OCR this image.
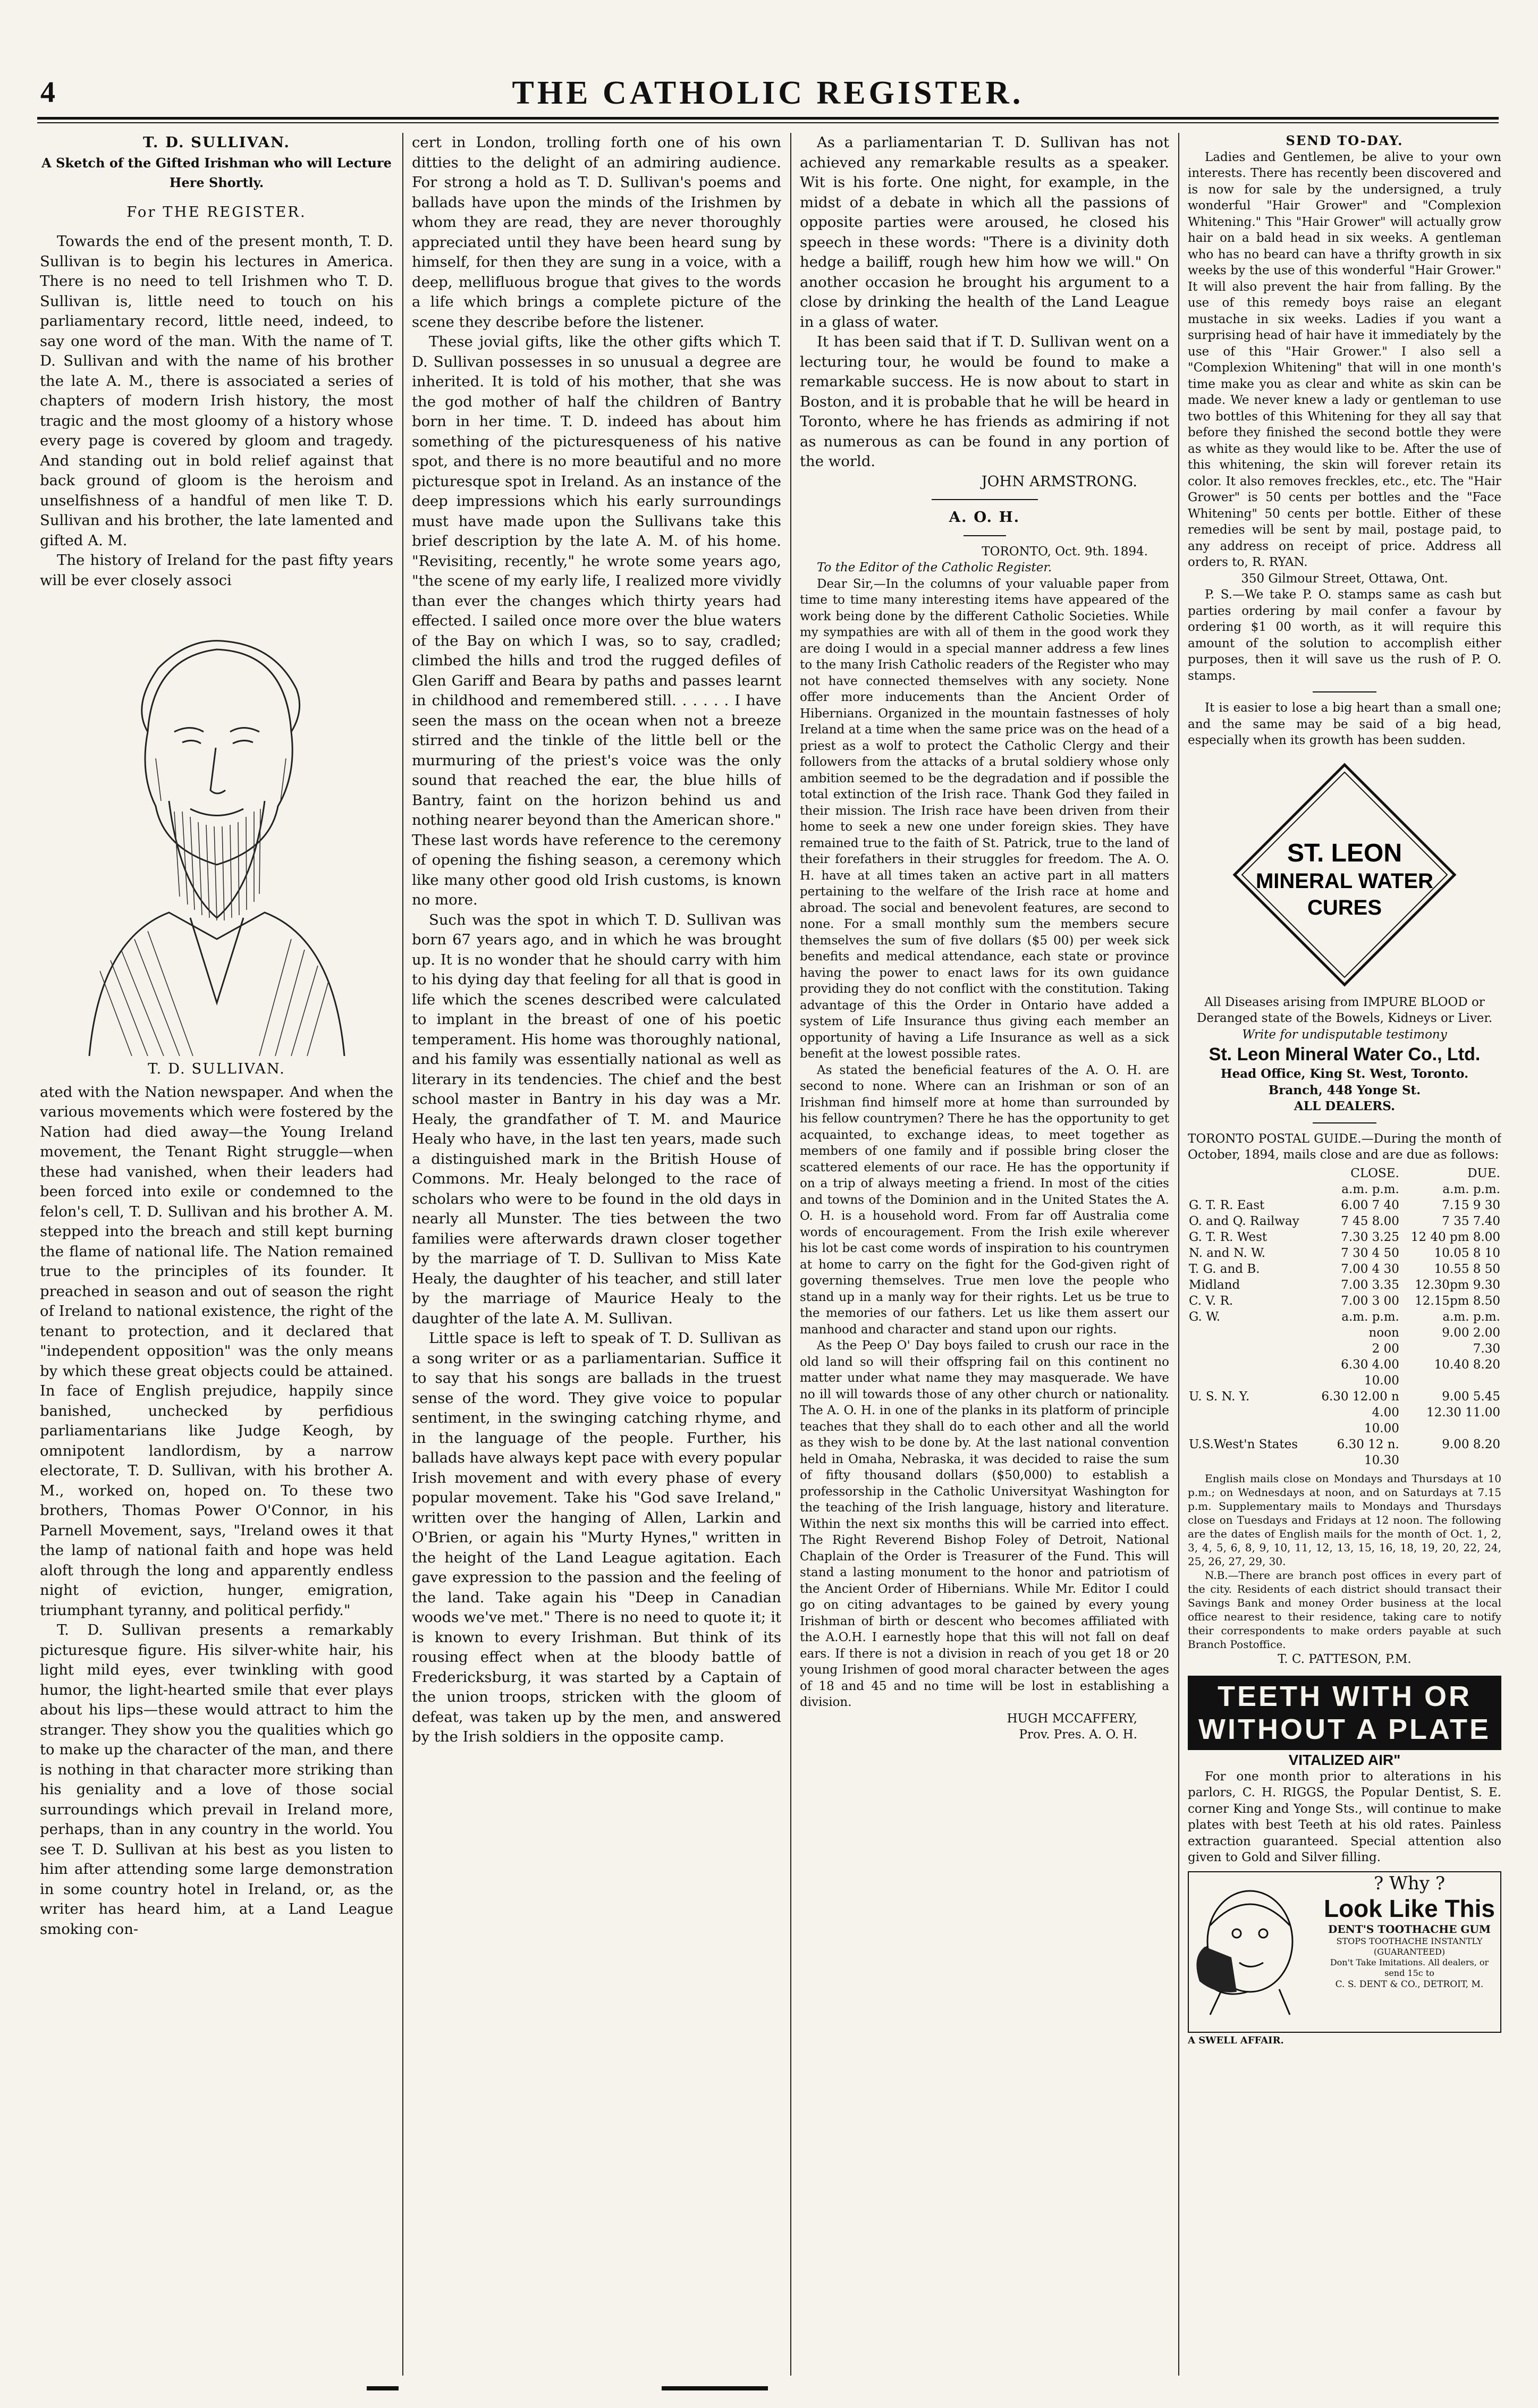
4	THE CATHOLIC REGISTER.

T. D. SULLIVAN.

A Sketch of the Gifted Irishman who will Lecture Here Shortly.

For THE REGISTER.

Towards the end of the present month, T. D. Sullivan is to begin his lectures in America. There is no need to tell Irishmen who T. D. Sullivan is, little need to touch on his parliamentary record, little need, indeed, to say one word of the man. With the name of T. D. Sullivan and with the name of his brother the late A. M., there is associated a series of chapters of modern Irish history, the most tragic and the most gloomy of a history whose every page is covered by gloom and tragedy. And standing out in bold relief against that back ground of gloom is the heroism and unselfishness of a handful of men like T. D. Sullivan and his brother, the late lamented and gifted A. M.

The history of Ireland for the past fifty years will be ever closely associ

T. D. SULLIVAN.

ated with the Nation newspaper. And when the various movements which were fostered by the Nation had died away—the Young Ireland movement, the Tenant Right struggle—when these had vanished, when their leaders had been forced into exile or condemned to the felon's cell, T. D. Sullivan and his brother A. M. stepped into the breach and still kept burning the flame of national life. The Nation remained true to the principles of its founder. It preached in season and out of season the right of Ireland to national existence, the right of the tenant to protection, and it declared that "independent opposition" was the only means by which these great objects could be attained. In face of English prejudice, happily since banished, unchecked by perfidious parliamentarians like Judge Keogh, by omnipotent landlordism, by a narrow electorate, T. D. Sullivan, with his brother A. M., worked on, hoped on. To these two brothers, Thomas Power O'Connor, in his Parnell Movement, says, "Ireland owes it that the lamp of national faith and hope was held aloft through the long and apparently endless night of eviction, hunger, emigration, triumphant tyranny, and political perfidy."

T. D. Sullivan presents a remarkably picturesque figure. His silver-white hair, his light mild eyes, ever twinkling with good humor, the light-hearted smile that ever plays about his lips—these would attract to him the stranger. They show you the qualities which go to make up the character of the man, and there is nothing in that character more striking than his geniality and a love of those social surroundings which prevail in Ireland more, perhaps, than in any country in the world. You see T. D. Sullivan at his best as you listen to him after attending some large demonstration in some country hotel in Ireland, or, as the writer has heard him, at a Land League smoking con-

cert in London, trolling forth one of his own ditties to the delight of an admiring audience. For strong a hold as T. D. Sullivan's poems and ballads have upon the minds of the Irishmen by whom they are read, they are never thoroughly appreciated until they have been heard sung by himself, for then they are sung in a voice, with a deep, mellifluous brogue that gives to the words a life which brings a complete picture of the scene they describe before the listener.

These jovial gifts, like the other gifts which T. D. Sullivan possesses in so unusual a degree are inherited. It is told of his mother, that she was the god mother of half the children of Bantry born in her time. T. D. indeed has about him something of the picturesqueness of his native spot, and there is no more beautiful and no more picturesque spot in Ireland. As an instance of the deep impressions which his early surroundings must have made upon the Sullivans take this brief description by the late A. M. of his home. "Revisiting, recently," he wrote some years ago, "the scene of my early life, I realized more vividly than ever the changes which thirty years had effected. I sailed once more over the blue waters of the Bay on which I was, so to say, cradled; climbed the hills and trod the rugged defiles of Glen Gariff and Beara by paths and passes learnt in childhood and remembered still. . . . . . I have seen the mass on the ocean when not a breeze stirred and the tinkle of the little bell or the murmuring of the priest's voice was the only sound that reached the ear, the blue hills of Bantry, faint on the horizon behind us and nothing nearer beyond than the American shore." These last words have reference to the ceremony of opening the fishing season, a ceremony which like many other good old Irish customs, is known no more.

Such was the spot in which T. D. Sullivan was born 67 years ago, and in which he was brought up. It is no wonder that he should carry with him to his dying day that feeling for all that is good in life which the scenes described were calculated to implant in the breast of one of his poetic temperament. His home was thoroughly national, and his family was essentially national as well as literary in its tendencies. The chief and the best school master in Bantry in his day was a Mr. Healy, the grandfather of T. M. and Maurice Healy who have, in the last ten years, made such a distinguished mark in the British House of Commons. Mr. Healy belonged to the race of scholars who were to be found in the old days in nearly all Munster. The ties between the two families were afterwards drawn closer together by the marriage of T. D. Sullivan to Miss Kate Healy, the daughter of his teacher, and still later by the marriage of Maurice Healy to the daughter of the late A. M. Sullivan.

Little space is left to speak of T. D. Sullivan as a song writer or as a parliamentarian. Suffice it to say that his songs are ballads in the truest sense of the word. They give voice to popular sentiment, in the swinging catching rhyme, and in the language of the people. Further, his ballads have always kept pace with every popular Irish movement and with every phase of every popular movement. Take his "God save Ireland," written over the hanging of Allen, Larkin and O'Brien, or again his "Murty Hynes," written in the height of the Land League agitation. Each gave expression to the passion and the feeling of the land. Take again his "Deep in Canadian woods we've met." There is no need to quote it; it is known to every Irishman. But think of its rousing effect when at the bloody battle of Fredericksburg, it was started by a Captain of the union troops, stricken with the gloom of defeat, was taken up by the men, and answered by the Irish soldiers in the opposite camp.

As a parliamentarian T. D. Sullivan has not achieved any remarkable results as a speaker. Wit is his forte. One night, for example, in the midst of a debate in which all the passions of opposite parties were aroused, he closed his speech in these words: "There is a divinity doth hedge a bailiff, rough hew him how we will." On another occasion he brought his argument to a close by drinking the health of the Land League in a glass of water.

It has been said that if T. D. Sullivan went on a lecturing tour, he would be found to make a remarkable success. He is now about to start in Boston, and it is probable that he will be heard in Toronto, where he has friends as admiring if not as numerous as can be found in any portion of the world.

JOHN ARMSTRONG.

A. O. H.

TORONTO, Oct. 9th. 1894.

To the Editor of the Catholic Register.

Dear Sir,—In the columns of your valuable paper from time to time many interesting items have appeared of the work being done by the different Catholic Societies. While my sympathies are with all of them in the good work they are doing I would in a special manner address a few lines to the many Irish Catholic readers of the Register who may not have connected themselves with any society. None offer more inducements than the Ancient Order of Hibernians. Organized in the mountain fastnesses of holy Ireland at a time when the same price was on the head of a priest as a wolf to protect the Catholic Clergy and their followers from the attacks of a brutal soldiery whose only ambition seemed to be the degradation and if possible the total extinction of the Irish race. Thank God they failed in their mission. The Irish race have been driven from their home to seek a new one under foreign skies. They have remained true to the faith of St. Patrick, true to the land of their forefathers in their struggles for freedom. The A. O. H. have at all times taken an active part in all matters pertaining to the welfare of the Irish race at home and abroad. The social and benevolent features, are second to none. For a small monthly sum the members secure themselves the sum of five dollars ($5 00) per week sick benefits and medical attendance, each state or province having the power to enact laws for its own guidance providing they do not conflict with the constitution. Taking advantage of this the Order in Ontario have added a system of Life Insurance thus giving each member an opportunity of having a Life Insurance as well as a sick benefit at the lowest possible rates.

As stated the beneficial features of the A. O. H. are second to none. Where can an Irishman or son of an Irishman find himself more at home than surrounded by his fellow countrymen? There he has the opportunity to get acquainted, to exchange ideas, to meet together as members of one family and if possible bring closer the scattered elements of our race. He has the opportunity if on a trip of always meeting a friend. In most of the cities and towns of the Dominion and in the United States the A. O. H. is a household word. From far off Australia come words of encouragement. From the Irish exile wherever his lot be cast come words of inspiration to his countrymen at home to carry on the fight for the God-given right of governing themselves. True men love the people who stand up in a manly way for their rights. Let us be true to the memories of our fathers. Let us like them assert our manhood and character and stand upon our rights.

As the Peep O' Day boys failed to crush our race in the old land so will their offspring fail on this continent no matter under what name they may masquerade. We have no ill will towards those of any other church or nationality. The A. O. H. in one of the planks in its platform of principle teaches that they shall do to each other and all the world as they wish to be done by. At the last national convention held in Omaha, Nebraska, it was decided to raise the sum of fifty thousand dollars ($50,000) to establish a professorship in the Catholic Universityat Washington for the teaching of the Irish language, history and literature. Within the next six months this will be carried into effect. The Right Reverend Bishop Foley of Detroit, National Chaplain of the Order is Treasurer of the Fund. This will stand a lasting monument to the honor and patriotism of the Ancient Order of Hibernians. While Mr. Editor I could go on citing advantages to be gained by every young Irishman of birth or descent who becomes affiliated with the A.O.H. I earnestly hope that this will not fall on deaf ears. If there is not a division in reach of you get 18 or 20 young Irishmen of good moral character between the ages of 18 and 45 and no time will be lost in establishing a division.

HUGH MCCAFFERY,

Prov. Pres. A. O. H.

SEND TO-DAY.

Ladies and Gentlemen, be alive to your own interests. There has recently been discovered and is now for sale by the undersigned, a truly wonderful "Hair Grower" and "Complexion Whitening." This "Hair Grower" will actually grow hair on a bald head in six weeks. A gentleman who has no beard can have a thrifty growth in six weeks by the use of this wonderful "Hair Grower." It will also prevent the hair from falling. By the use of this remedy boys raise an elegant mustache in six weeks. Ladies if you want a surprising head of hair have it immediately by the use of this "Hair Grower." I also sell a "Complexion Whitening" that will in one month's time make you as clear and white as skin can be made. We never knew a lady or gentleman to use two bottles of this Whitening for they all say that before they finished the second bottle they were as white as they would like to be. After the use of this whitening, the skin will forever retain its color. It also removes freckles, etc., etc. The "Hair Grower" is 50 cents per bottles and the "Face Whitening" 50 cents per bottle. Either of these remedies will be sent by mail, postage paid, to any address on receipt of price. Address all orders to, R. RYAN.

350 Gilmour Street, Ottawa, Ont.

P. S.—We take P. O. stamps same as cash but parties ordering by mail confer a favour by ordering $1 00 worth, as it will require this amount of the solution to accomplish either purposes, then it will save us the rush of P. O. stamps.

It is easier to lose a big heart than a small one; and the same may be said of a big head, especially when its growth has been sudden.

ST. LEON
MINERAL WATER
CURES

All Diseases arising from IMPURE BLOOD or Deranged state of the Bowels, Kidneys or Liver.

Write for undisputable testimony

St. Leon Mineral Water Co., Ltd.

Head Office, King St. West, Toronto.

Branch, 448 Yonge St.

ALL DEALERS.

TORONTO POSTAL GUIDE.—During the month of October, 1894, mails close and are due as follows:

	CLOSE.	DUE.
	a.m. p.m.	a.m. p.m.
G. T. R. East	6.00 7 40	7.15 9 30
O. and Q. Railway	7 45 8.00	7 35 7.40
G. T. R. West	7.30 3.25	12 40 pm 8.00
N. and N. W.	7 30 4 50	10.05 8 10
T. G. and B.	7.00 4 30	10.55 8 50
Midland	7.00 3.35	12.30pm 9.30
C. V. R.	7.00 3 00	12.15pm 8.50
G. W.	a.m. p.m.	a.m. p.m.
	noon	9.00 2.00
	2 00	7.30
	6.30 4.00	10.40 8.20
	10.00	
U. S. N. Y.	6.30 12.00 n	9.00 5.45
	4.00	12.30 11.00
	10.00	
U.S.West'n States	6.30 12 n.	9.00 8.20
	10.30	

English mails close on Mondays and Thursdays at 10 p.m.; on Wednesdays at noon, and on Saturdays at 7.15 p.m. Supplementary mails to Mondays and Thursdays close on Tuesdays and Fridays at 12 noon. The following are the dates of English mails for the month of Oct. 1, 2, 3, 4, 5, 6, 8, 9, 10, 11, 12, 13, 15, 16, 18, 19, 20, 22, 24, 25, 26, 27, 29, 30.

N.B.—There are branch post offices in every part of the city. Residents of each district should transact their Savings Bank and money Order business at the local office nearest to their residence, taking care to notify their correspondents to make orders payable at such Branch Postoffice.

T. C. PATTESON, P.M.

TEETH WITH OR
WITHOUT A PLATE

VITALIZED AIR"

For one month prior to alterations in his parlors, C. H. RIGGS, the Popular Dentist, S. E. corner King and Yonge Sts., will continue to make plates with best Teeth at his old rates. Painless extraction guaranteed. Special attention also given to Gold and Silver filling.

? Why ?

Look Like This

DENT'S TOOTHACHE GUM

STOPS TOOTHACHE INSTANTLY

(GUARANTEED)

Don't Take Imitations. All dealers, or send 15c to

C. S. DENT & CO., DETROIT, M.

A SWELL AFFAIR.
